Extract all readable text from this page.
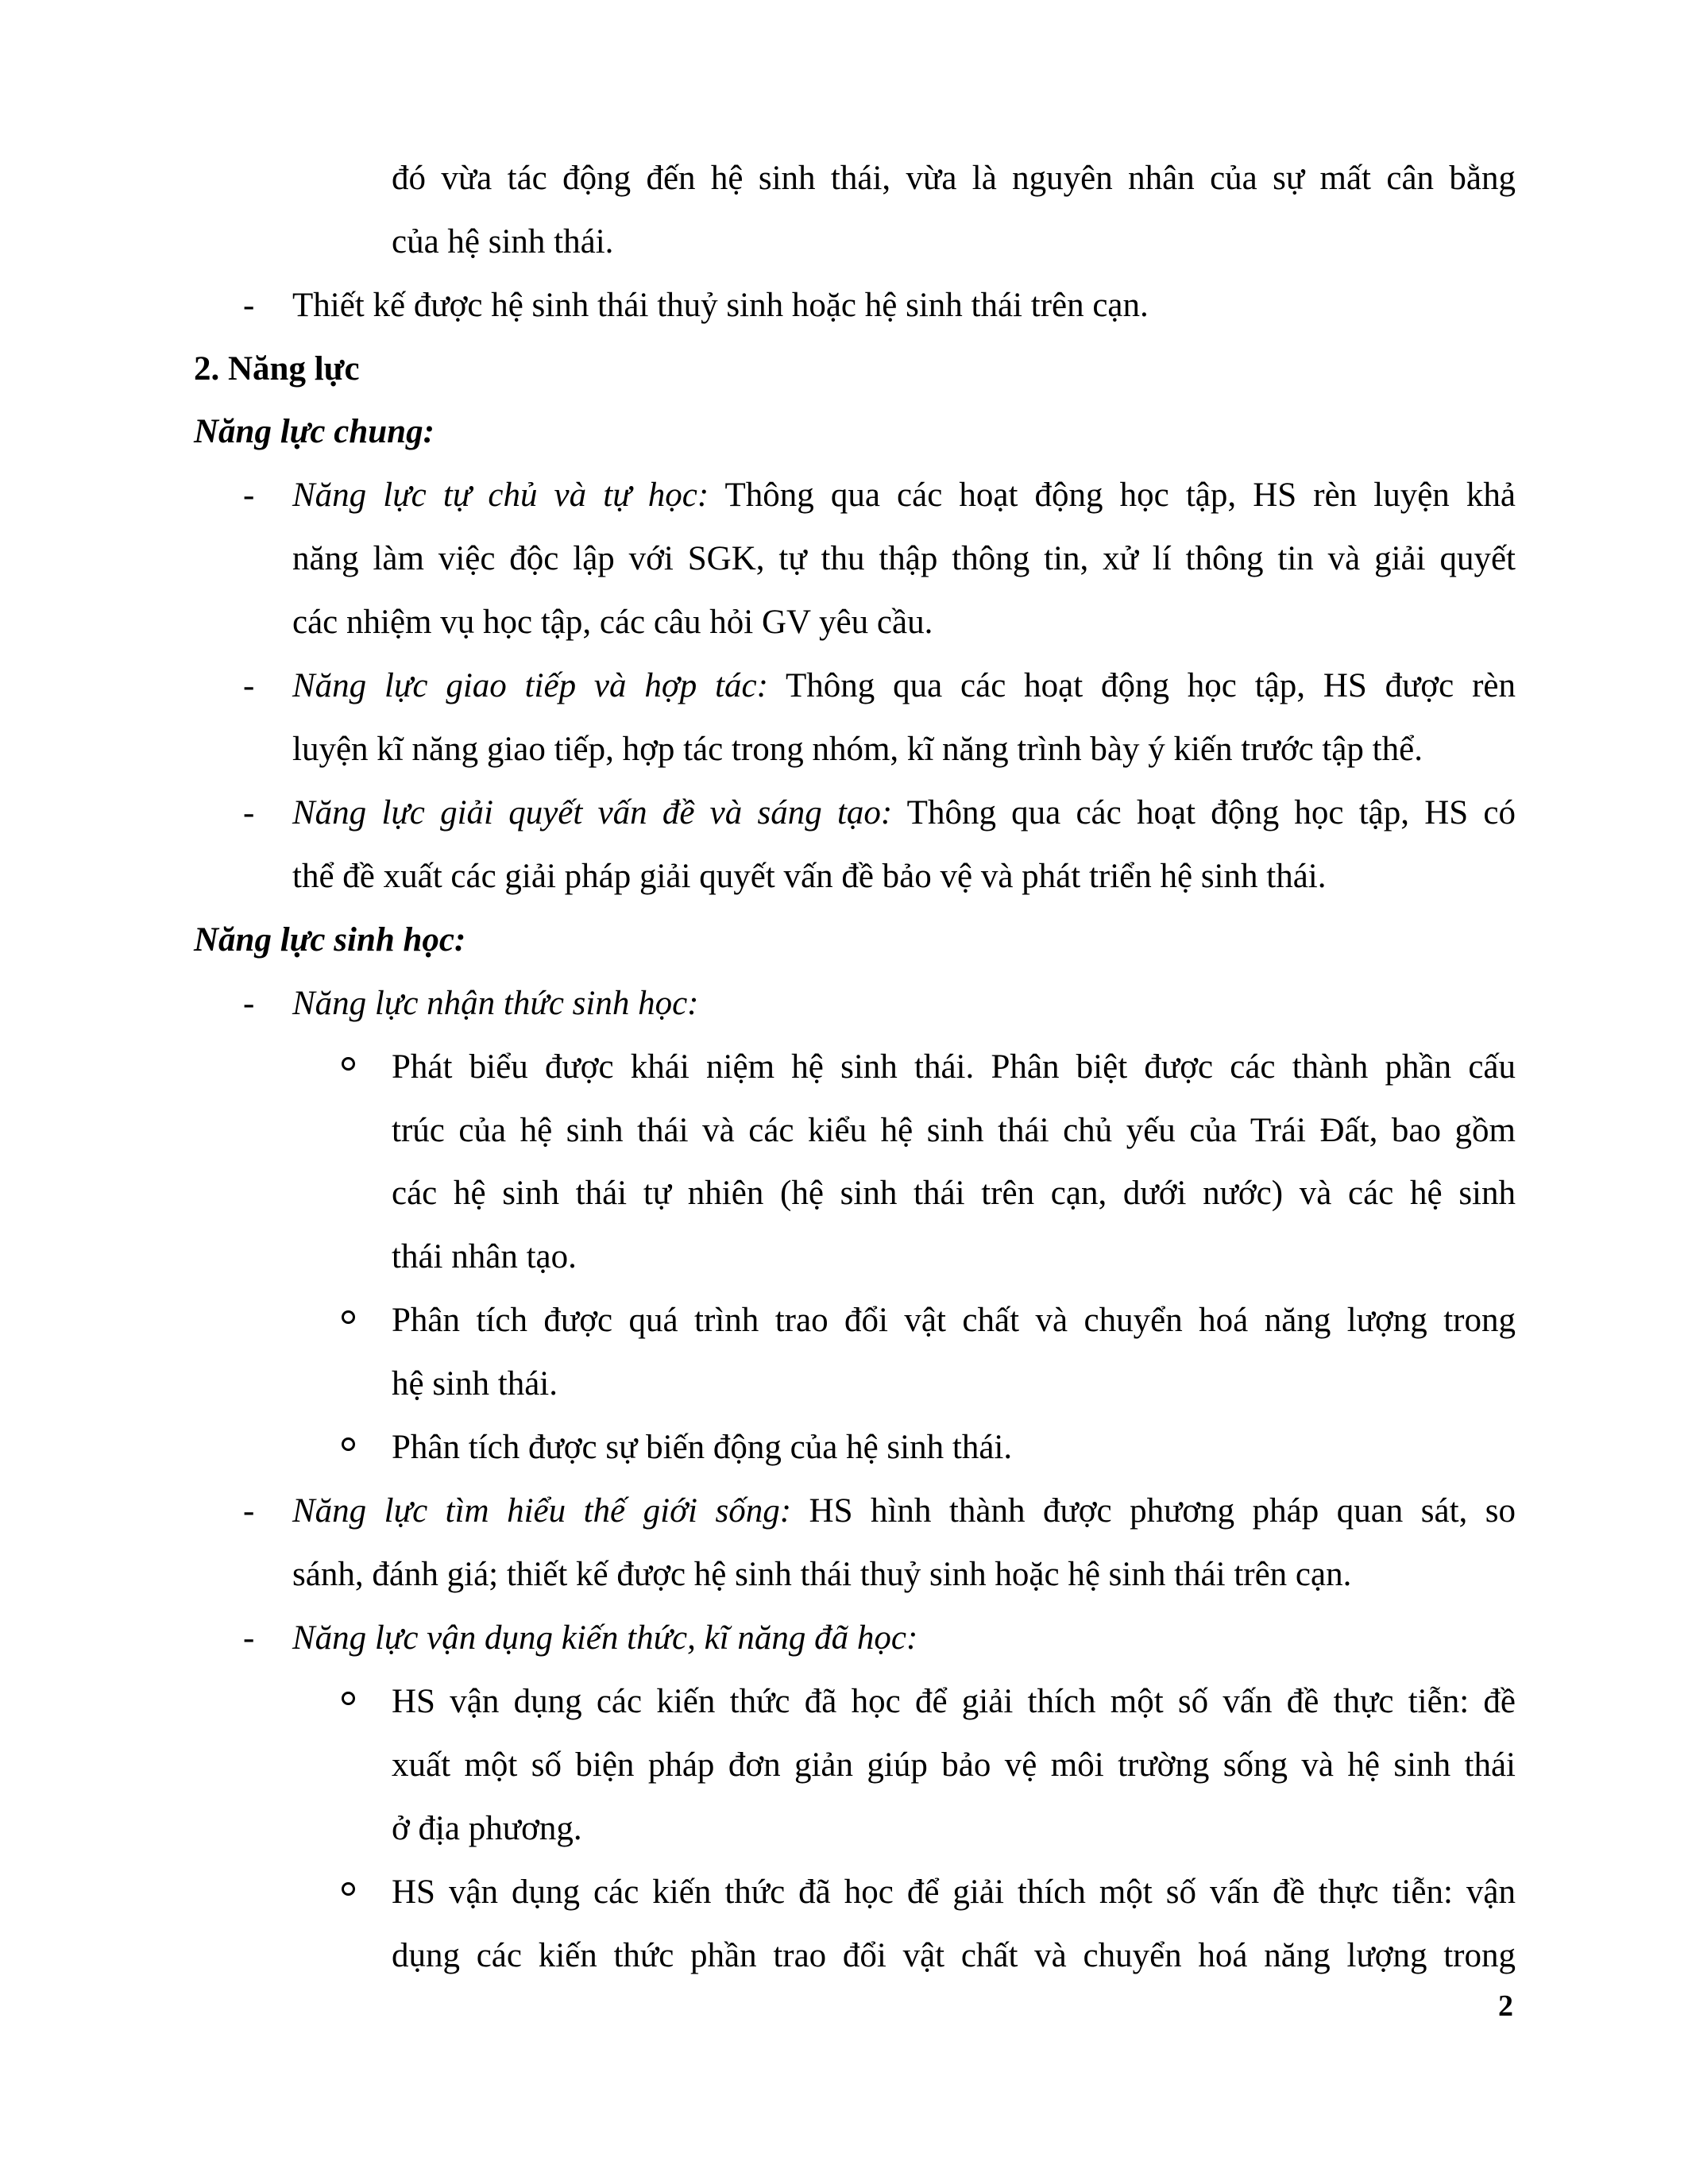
đó vừa tác động đến hệ sinh thái, vừa là nguyên nhân của sự mất cân bằng
của hệ sinh thái.
- Thiết kế được hệ sinh thái thuỷ sinh hoặc hệ sinh thái trên cạn.
2. Năng lực
Năng lực chung:
- Năng lực tự chủ và tự học: Thông qua các hoạt động học tập, HS rèn luyện khả
năng làm việc độc lập với SGK, tự thu thập thông tin, xử lí thông tin và giải quyết
các nhiệm vụ học tập, các câu hỏi GV yêu cầu.
- Năng lực giao tiếp và hợp tác: Thông qua các hoạt động học tập, HS được rèn
luyện kĩ năng giao tiếp, hợp tác trong nhóm, kĩ năng trình bày ý kiến trước tập thể.
- Năng lực giải quyết vấn đề và sáng tạo: Thông qua các hoạt động học tập, HS có
thể đề xuất các giải pháp giải quyết vấn đề bảo vệ và phát triển hệ sinh thái.
Năng lực sinh học:
- Năng lực nhận thức sinh học:
Phát biểu được khái niệm hệ sinh thái. Phân biệt được các thành phần cấu
trúc của hệ sinh thái và các kiểu hệ sinh thái chủ yếu của Trái Đất, bao gồm
các hệ sinh thái tự nhiên (hệ sinh thái trên cạn, dưới nước) và các hệ sinh
thái nhân tạo.
Phân tích được quá trình trao đổi vật chất và chuyển hoá năng lượng trong
hệ sinh thái.
Phân tích được sự biến động của hệ sinh thái.
- Năng lực tìm hiểu thế giới sống: HS hình thành được phương pháp quan sát, so
sánh, đánh giá; thiết kế được hệ sinh thái thuỷ sinh hoặc hệ sinh thái trên cạn.
- Năng lực vận dụng kiến thức, kĩ năng đã học:
HS vận dụng các kiến thức đã học để giải thích một số vấn đề thực tiễn: đề
xuất một số biện pháp đơn giản giúp bảo vệ môi trường sống và hệ sinh thái
ở địa phương.
HS vận dụng các kiến thức đã học để giải thích một số vấn đề thực tiễn: vận
dụng các kiến thức phần trao đổi vật chất và chuyển hoá năng lượng trong
2
